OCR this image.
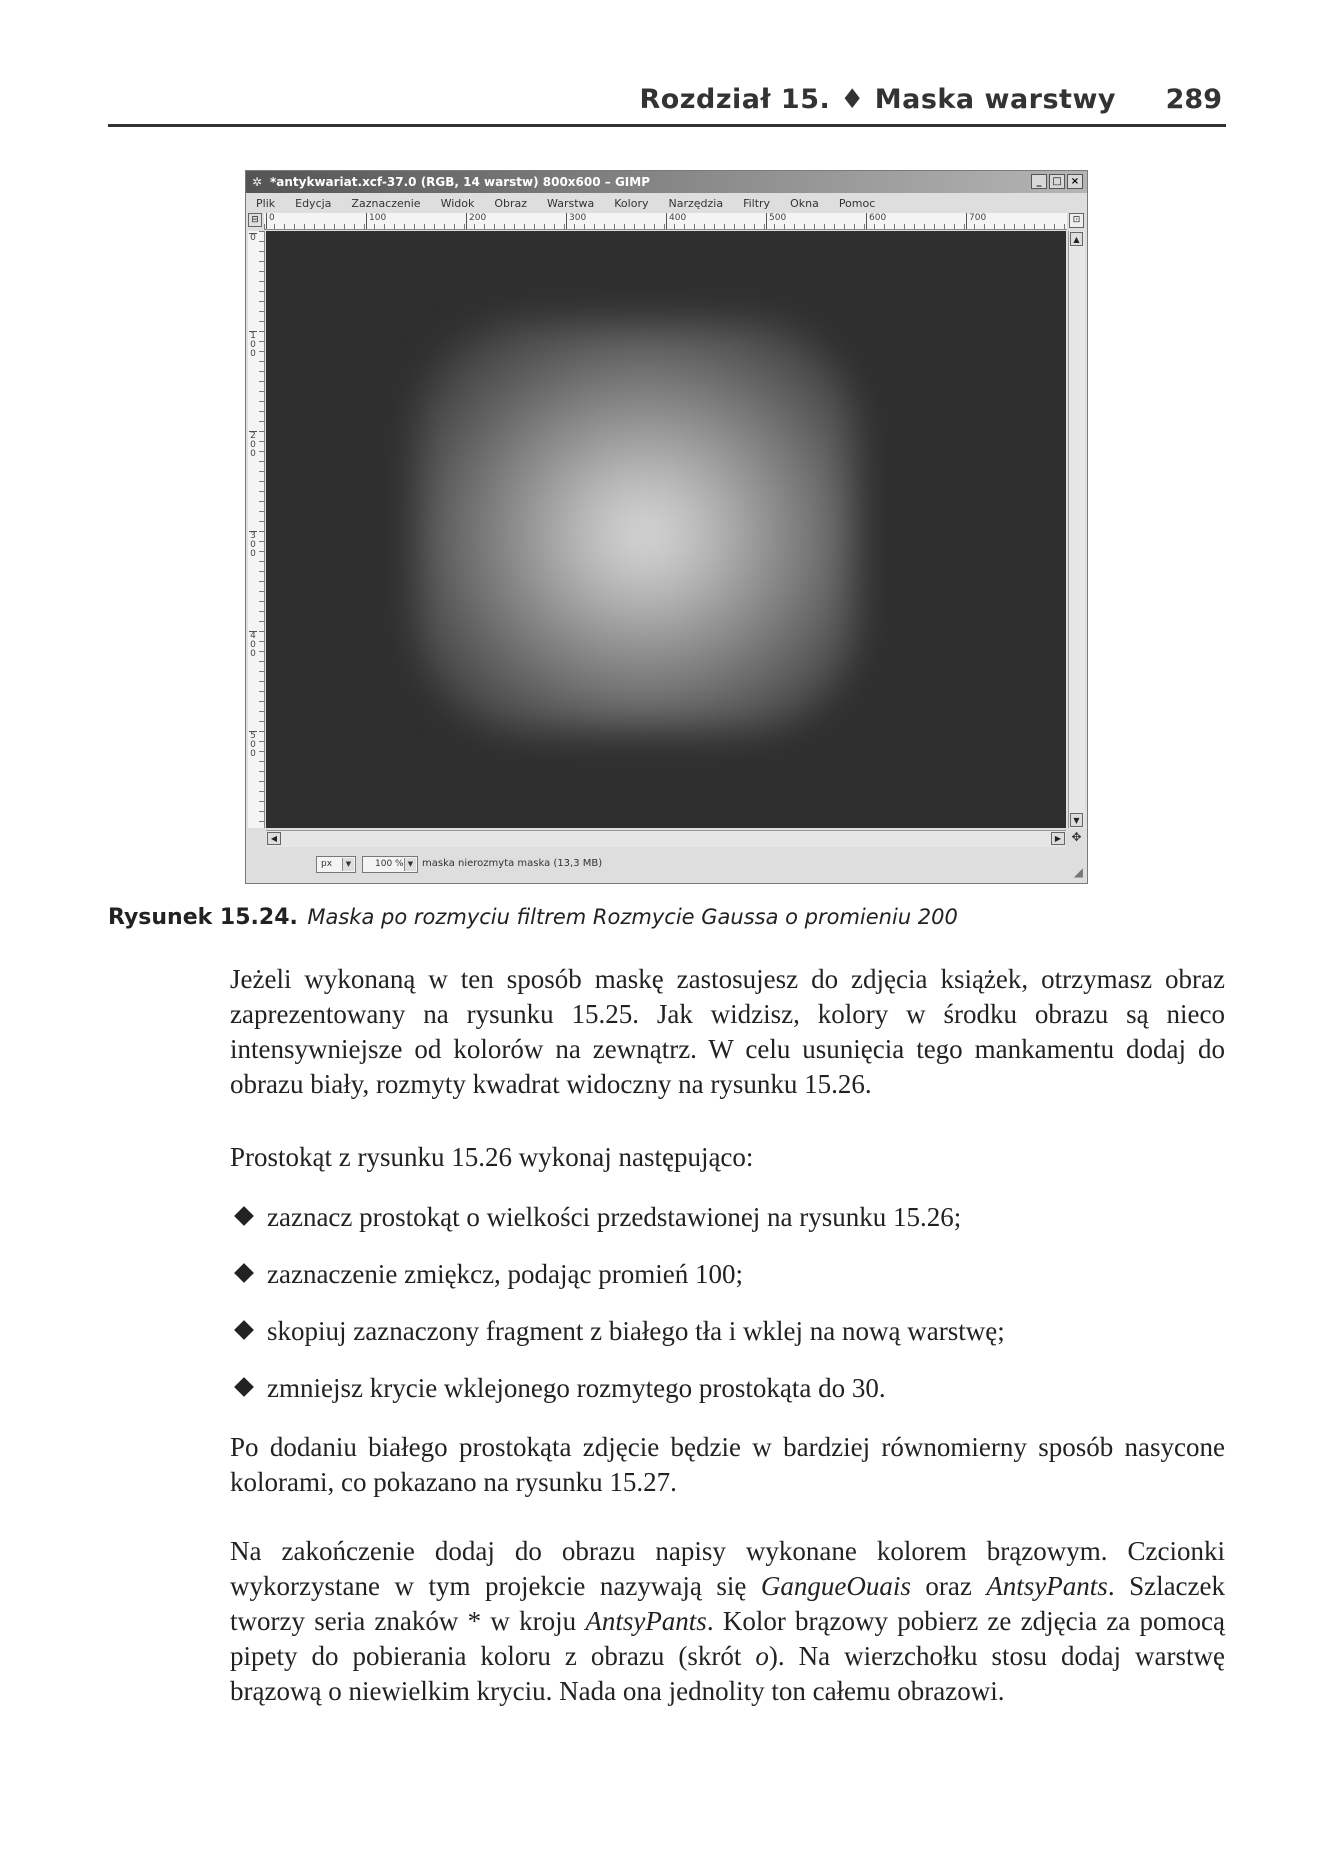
Rozdział 15. ♦ Maska warstwy 289
✲ *antykwariat.xcf-37.0 (RGB, 14 warstw) 800x600 – GIMP	_	□ ×
Plik Edycja Zaznaczenie Widok Obraz Warstwa Kolory Narzędzia Filtry Okna Pomoc
⊟	0	100	200	300	400	500	600	700	⊡
0
100
200
300
400
500
▲
▼
◀	▶ ✥
px	▼	100 % ▼ maska nierozmyta maska (13,3 MB)
◢
Rysunek 15.24. Maska po rozmyciu filtrem Rozmycie Gaussa o promieniu 200

Jeżeli wykonaną w ten sposób maskę zastosujesz do zdjęcia książek, otrzymasz obraz zaprezentowany na rysunku 15.25. Jak widzisz, kolory w środku obrazu są nieco intensywniejsze od kolorów na zewnątrz. W celu usunięcia tego mankamentu dodaj do obrazu biały, rozmyty kwadrat widoczny na rysunku 15.26.

Prostokąt z rysunku 15.26 wykonaj następująco:

zaznacz prostokąt o wielkości przedstawionej na rysunku 15.26;
zaznaczenie zmiękcz, podając promień 100;
skopiuj zaznaczony fragment z białego tła i wklej na nową warstwę;
zmniejsz krycie wklejonego rozmytego prostokąta do 30.

Po dodaniu białego prostokąta zdjęcie będzie w bardziej równomierny sposób nasycone kolorami, co pokazano na rysunku 15.27.

Na zakończenie dodaj do obrazu napisy wykonane kolorem brązowym. Czcionki wykorzystane w tym projekcie nazywają się GangueOuais oraz AntsyPants. Szlaczek tworzy seria znaków * w kroju AntsyPants. Kolor brązowy pobierz ze zdjęcia za pomocą pipety do pobierania koloru z obrazu (skrót o). Na wierzchołku stosu dodaj warstwę brązową o niewielkim kryciu. Nada ona jednolity ton całemu obrazowi.
